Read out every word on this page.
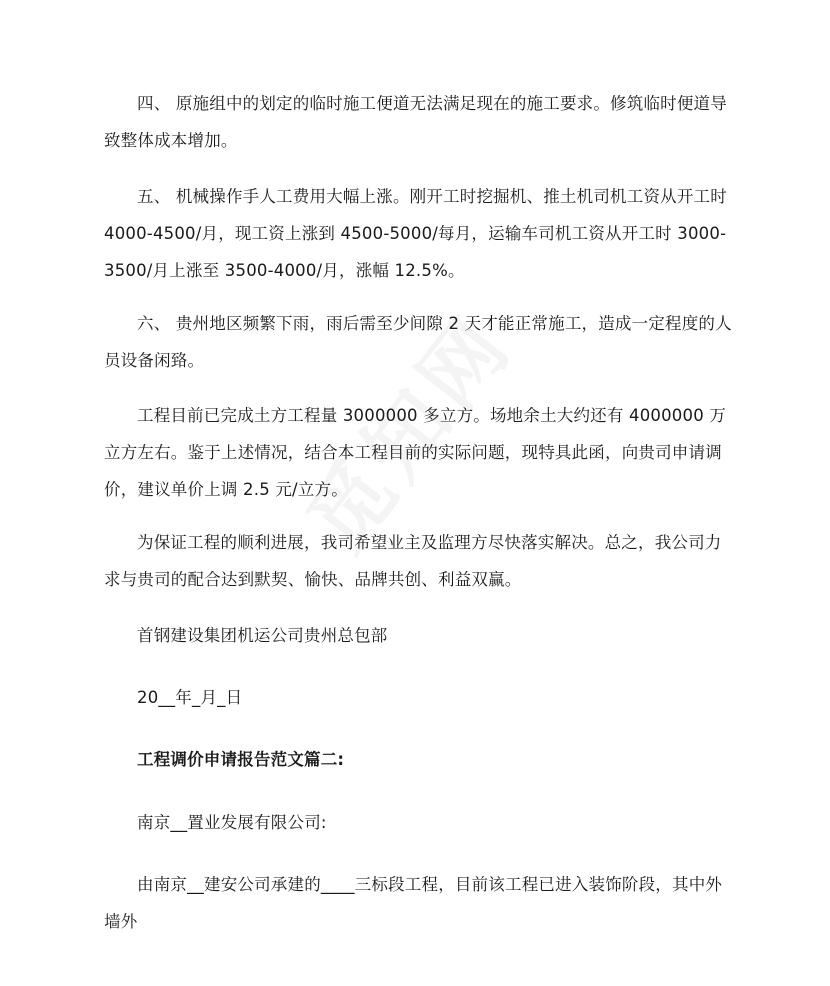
四、 原施组中的划定的临时施工便道无法满足现在的施工要求。修筑临时便道导致整体成本增加。

五、 机械操作手人工费用大幅上涨。刚开工时挖掘机、推土机司机工资从开工时4000-4500/月，现工资上涨到 4500-5000/每月，运输车司机工资从开工时 3000-3500/月上涨至 3500-4000/月，涨幅 12.5%。

六、 贵州地区频繁下雨，雨后需至少间隙 2 天才能正常施工，造成一定程度的人员设备闲臵。

工程目前已完成土方工程量 3000000 多立方。场地余土大约还有 4000000 万立方左右。鉴于上述情况，结合本工程目前的实际问题，现特具此函，向贵司申请调价，建议单价上调 2.5 元/立方。

为保证工程的顺利进展，我司希望业主及监理方尽快落实解决。总之，我公司力求与贵司的配合达到默契、愉快、品牌共创、利益双赢。

首钢建设集团机运公司贵州总包部

20__年_月_日

工程调价申请报告范文篇二:

南京__置业发展有限公司:

由南京__建安公司承建的____三标段工程，目前该工程已进入装饰阶段，其中外墙外
